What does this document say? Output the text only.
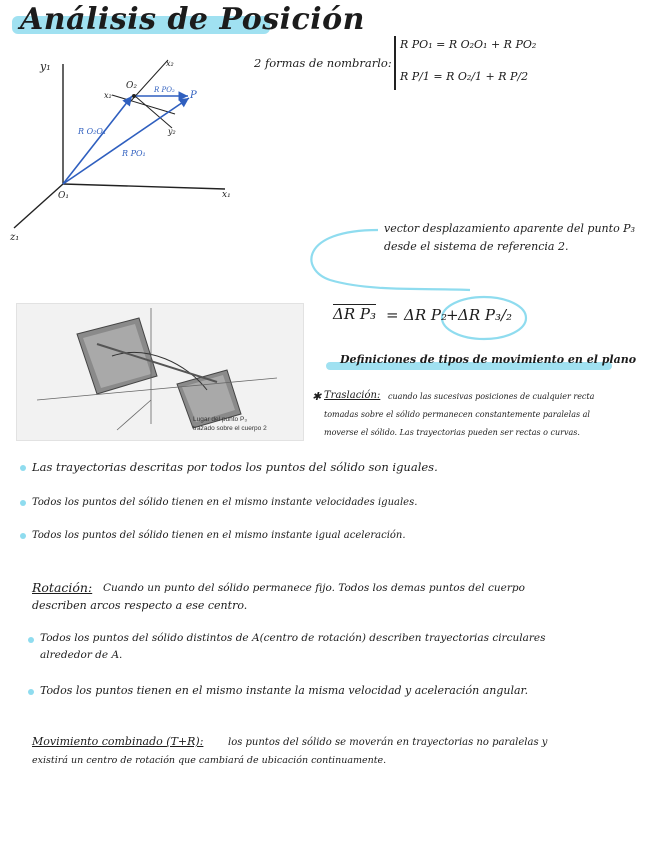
Análisis de Posición
y₁
x₁
z₁
O₁
O₂
x₂
y₂
x₂
R O₂O₁
R PO₁
R PO₂ P
2 formas de nombrarlo:
R PO₁ = R O₂O₁ + R PO₂
R P/1 = R O₂/1 + R P/2
vector desplazamiento aparente del punto P₃
desde el sistema de referencia 2.
ΔR P₃ = ΔR P₂
+ ΔR P₃/₂
Lugar del punto P₃
trazado sobre el cuerpo 2
Definiciones de tipos de movimiento en el plano
✱ Traslación: cuando las sucesivas posiciones de cualquier recta
tomadas sobre el sólido permanecen constantemente paralelas al
moverse el sólido. Las trayectorias pueden ser rectas o curvas.
Las trayectorias descritas por todos los puntos del sólido son iguales.
Todos los puntos del sólido tienen en el mismo instante velocidades iguales.
Todos los puntos del sólido tienen en el mismo instante igual aceleración.
Rotación: Cuando un punto del sólido permanece fijo. Todos los demas puntos del cuerpo
describen arcos respecto a ese centro.
Todos los puntos del sólido distintos de A(centro de rotación) describen trayectorias circulares
alrededor de A.
Todos los puntos tienen en el mismo instante la misma velocidad y aceleración angular.
Movimiento combinado (T+R): los puntos del sólido se moverán en trayectorias no paralelas y
existirá un centro de rotación que cambiará de ubicación continuamente.
